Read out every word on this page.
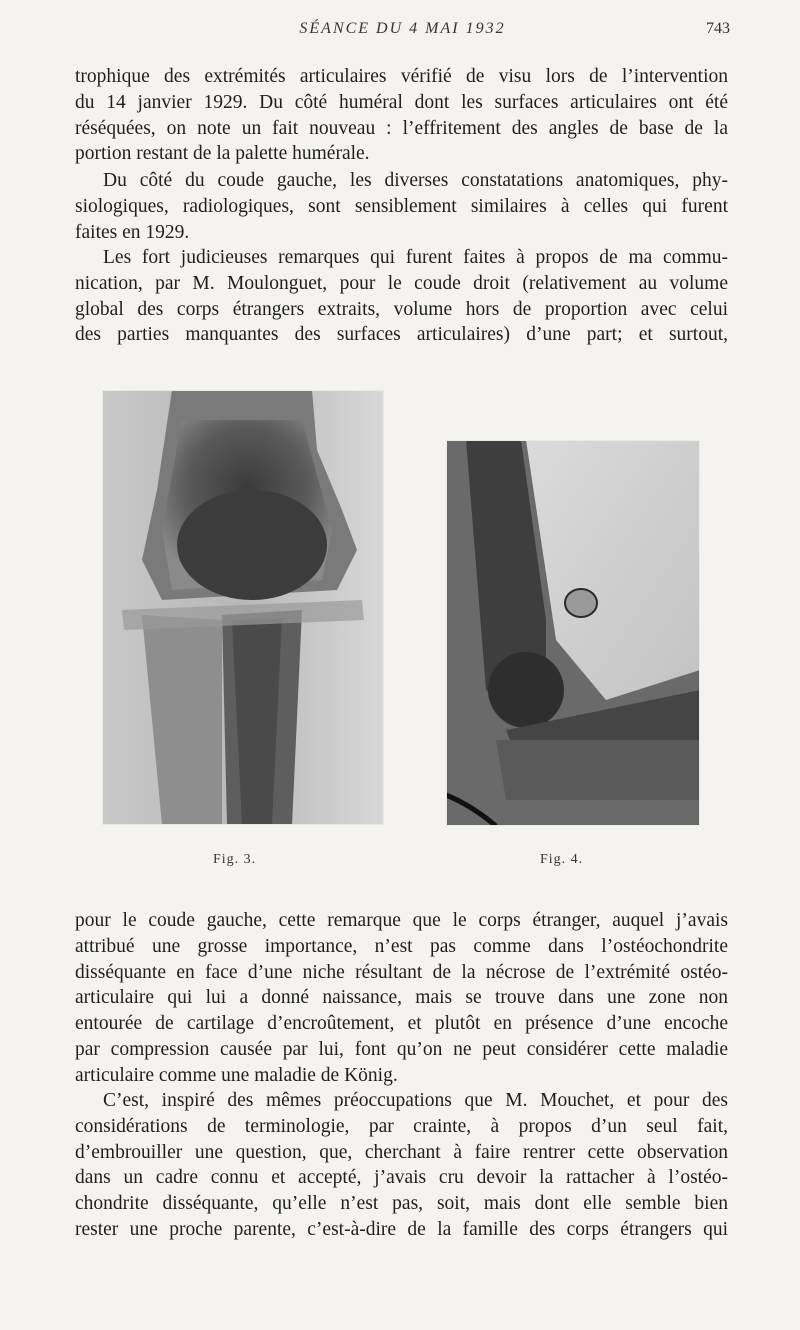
SÉANCE DU 4 MAI 1932	743
trophique des extrémités articulaires vérifié de visu lors de l’intervention
du 14 janvier 1929. Du côté huméral dont les surfaces articulaires ont été
réséquées, on note un fait nouveau : l’effritement des angles de base de la
portion restant de la palette humérale.
Du côté du coude gauche, les diverses constatations anatomiques, phy-
siologiques, radiologiques, sont sensiblement similaires à celles qui furent
faites en 1929.
Les fort judicieuses remarques qui furent faites à propos de ma commu-
nication, par M. Moulonguet, pour le coude droit (relativement au volume
global des corps étrangers extraits, volume hors de proportion avec celui
des parties manquantes des surfaces articulaires) d’une part; et surtout,
Fig. 3.	Fig. 4.
pour le coude gauche, cette remarque que le corps étranger, auquel j’avais
attribué une grosse importance, n’est pas comme dans l’ostéochondrite
disséquante en face d’une niche résultant de la nécrose de l’extrémité ostéo-
articulaire qui lui a donné naissance, mais se trouve dans une zone non
entourée de cartilage d’encroûtement, et plutôt en présence d’une encoche
par compression causée par lui, font qu’on ne peut considérer cette maladie
articulaire comme une maladie de König.
C’est, inspiré des mêmes préoccupations que M. Mouchet, et pour des
considérations de terminologie, par crainte, à propos d’un seul fait,
d’embrouiller une question, que, cherchant à faire rentrer cette observation
dans un cadre connu et accepté, j’avais cru devoir la rattacher à l’ostéo-
chondrite disséquante, qu’elle n’est pas, soit, mais dont elle semble bien
rester une proche parente, c’est-à-dire de la famille des corps étrangers qui
